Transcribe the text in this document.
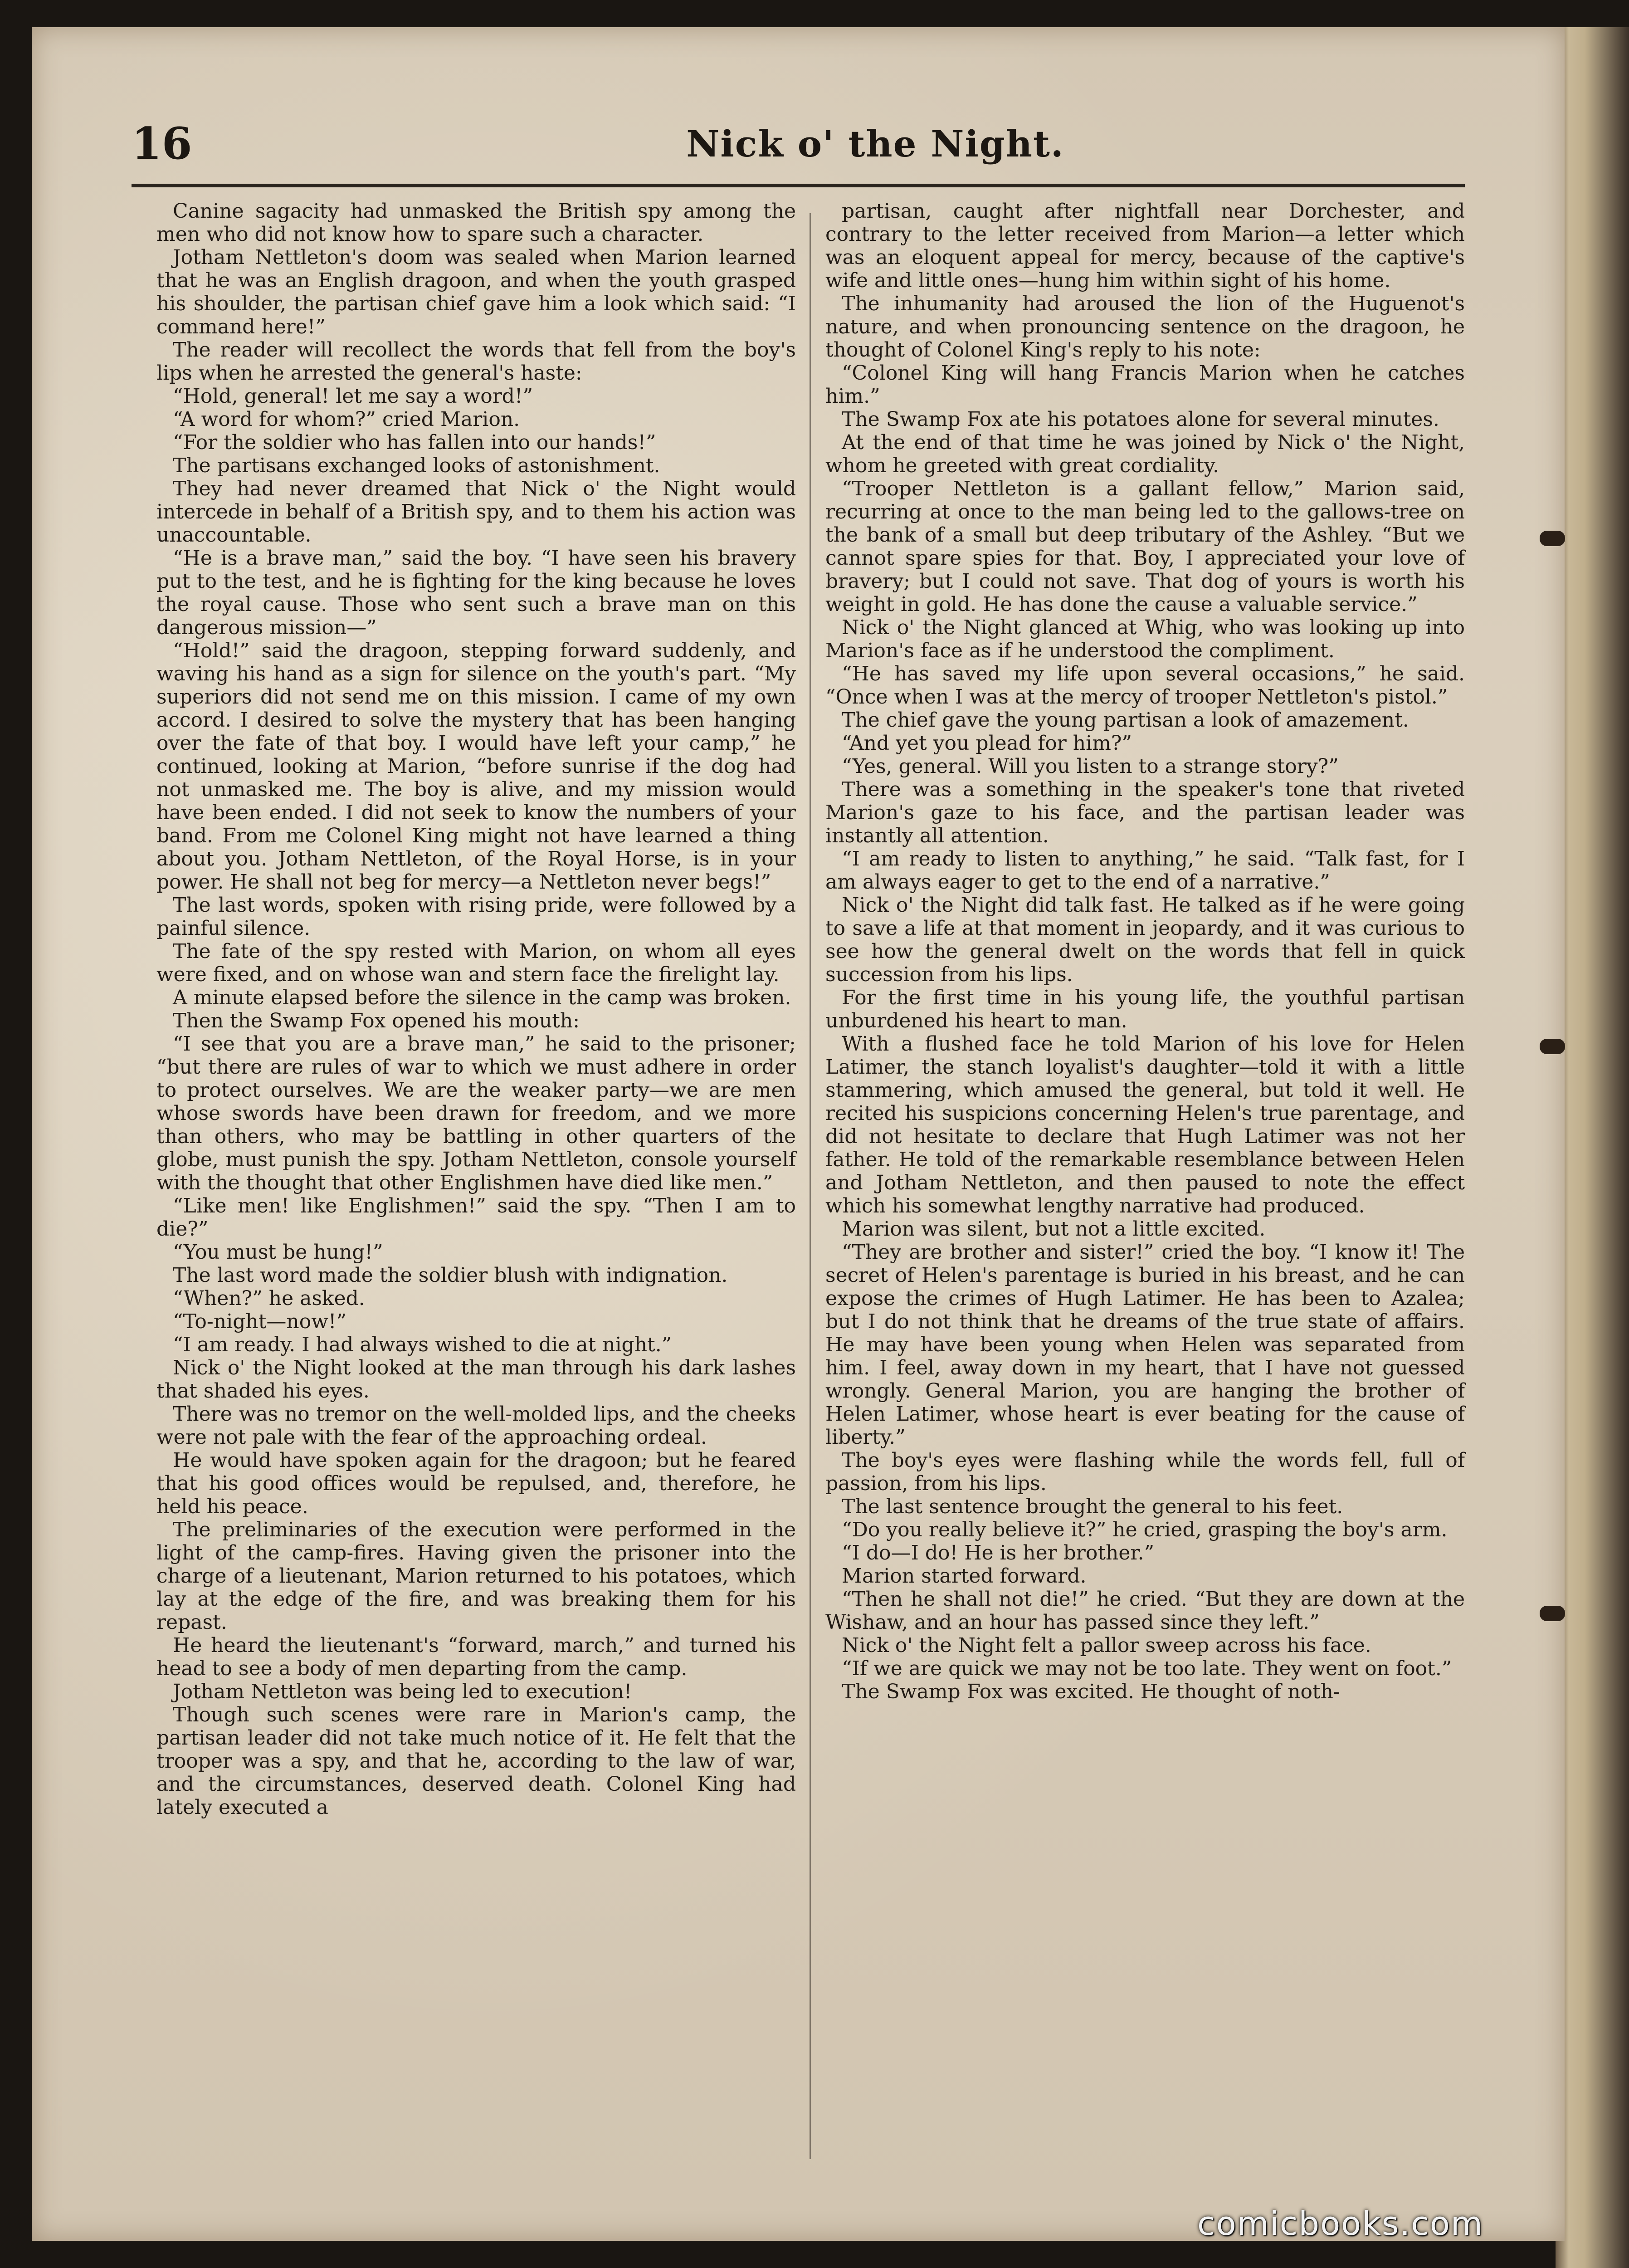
16	Nick o' the Night.

Canine sagacity had unmasked the British spy among the men who did not know how to spare such a character.

Jotham Nettleton's doom was sealed when Marion learned that he was an English dragoon, and when the youth grasped his shoulder, the partisan chief gave him a look which said: “I command here!”

The reader will recollect the words that fell from the boy's lips when he arrested the general's haste:

“Hold, general! let me say a word!”

“A word for whom?” cried Marion.

“For the soldier who has fallen into our hands!”

The partisans exchanged looks of astonishment.

They had never dreamed that Nick o' the Night would intercede in behalf of a British spy, and to them his action was unaccountable.

“He is a brave man,” said the boy. “I have seen his bravery put to the test, and he is fighting for the king because he loves the royal cause. Those who sent such a brave man on this dangerous mission—”

“Hold!” said the dragoon, stepping forward suddenly, and waving his hand as a sign for silence on the youth's part. “My superiors did not send me on this mission. I came of my own accord. I desired to solve the mystery that has been hanging over the fate of that boy. I would have left your camp,” he continued, looking at Marion, “before sunrise if the dog had not unmasked me. The boy is alive, and my mission would have been ended. I did not seek to know the numbers of your band. From me Colonel King might not have learned a thing about you. Jotham Nettleton, of the Royal Horse, is in your power. He shall not beg for mercy—a Nettleton never begs!”

The last words, spoken with rising pride, were followed by a painful silence.

The fate of the spy rested with Marion, on whom all eyes were fixed, and on whose wan and stern face the firelight lay.

A minute elapsed before the silence in the camp was broken.

Then the Swamp Fox opened his mouth:

“I see that you are a brave man,” he said to the prisoner; “but there are rules of war to which we must adhere in order to protect ourselves. We are the weaker party—we are men whose swords have been drawn for freedom, and we more than others, who may be battling in other quarters of the globe, must punish the spy. Jotham Nettleton, console yourself with the thought that other Englishmen have died like men.”

“Like men! like Englishmen!” said the spy. “Then I am to die?”

“You must be hung!”

The last word made the soldier blush with indignation.

“When?” he asked.

“To-night—now!”

“I am ready. I had always wished to die at night.”

Nick o' the Night looked at the man through his dark lashes that shaded his eyes.

There was no tremor on the well-molded lips, and the cheeks were not pale with the fear of the approaching ordeal.

He would have spoken again for the dragoon; but he feared that his good offices would be repulsed, and, therefore, he held his peace.

The preliminaries of the execution were performed in the light of the camp-fires. Having given the prisoner into the charge of a lieutenant, Marion returned to his potatoes, which lay at the edge of the fire, and was breaking them for his repast.

He heard the lieutenant's “forward, march,” and turned his head to see a body of men departing from the camp.

Jotham Nettleton was being led to execution!

Though such scenes were rare in Marion's camp, the partisan leader did not take much notice of it. He felt that the trooper was a spy, and that he, according to the law of war, and the circumstances, deserved death. Colonel King had lately executed a

partisan, caught after nightfall near Dorchester, and contrary to the letter received from Marion—a letter which was an eloquent appeal for mercy, because of the captive's wife and little ones—hung him within sight of his home.

The inhumanity had aroused the lion of the Huguenot's nature, and when pronouncing sentence on the dragoon, he thought of Colonel King's reply to his note:

“Colonel King will hang Francis Marion when he catches him.”

The Swamp Fox ate his potatoes alone for several minutes.

At the end of that time he was joined by Nick o' the Night, whom he greeted with great cordiality.

“Trooper Nettleton is a gallant fellow,” Marion said, recurring at once to the man being led to the gallows-tree on the bank of a small but deep tributary of the Ashley. “But we cannot spare spies for that. Boy, I appreciated your love of bravery; but I could not save. That dog of yours is worth his weight in gold. He has done the cause a valuable service.”

Nick o' the Night glanced at Whig, who was looking up into Marion's face as if he understood the compliment.

“He has saved my life upon several occasions,” he said. “Once when I was at the mercy of trooper Nettleton's pistol.”

The chief gave the young partisan a look of amazement.

“And yet you plead for him?”

“Yes, general. Will you listen to a strange story?”

There was a something in the speaker's tone that riveted Marion's gaze to his face, and the partisan leader was instantly all attention.

“I am ready to listen to anything,” he said. “Talk fast, for I am always eager to get to the end of a narrative.”

Nick o' the Night did talk fast. He talked as if he were going to save a life at that moment in jeopardy, and it was curious to see how the general dwelt on the words that fell in quick succession from his lips.

For the first time in his young life, the youthful partisan unburdened his heart to man.

With a flushed face he told Marion of his love for Helen Latimer, the stanch loyalist's daughter—told it with a little stammering, which amused the general, but told it well. He recited his suspicions concerning Helen's true parentage, and did not hesitate to declare that Hugh Latimer was not her father. He told of the remarkable resemblance between Helen and Jotham Nettleton, and then paused to note the effect which his somewhat lengthy narrative had produced.

Marion was silent, but not a little excited.

“They are brother and sister!” cried the boy. “I know it! The secret of Helen's parentage is buried in his breast, and he can expose the crimes of Hugh Latimer. He has been to Azalea; but I do not think that he dreams of the true state of affairs. He may have been young when Helen was separated from him. I feel, away down in my heart, that I have not guessed wrongly. General Marion, you are hanging the brother of Helen Latimer, whose heart is ever beating for the cause of liberty.”

The boy's eyes were flashing while the words fell, full of passion, from his lips.

The last sentence brought the general to his feet.

“Do you really believe it?” he cried, grasping the boy's arm.

“I do—I do! He is her brother.”

Marion started forward.

“Then he shall not die!” he cried. “But they are down at the Wishaw, and an hour has passed since they left.”

Nick o' the Night felt a pallor sweep across his face.

“If we are quick we may not be too late. They went on foot.”

The Swamp Fox was excited. He thought of noth-

comicbooks.com
